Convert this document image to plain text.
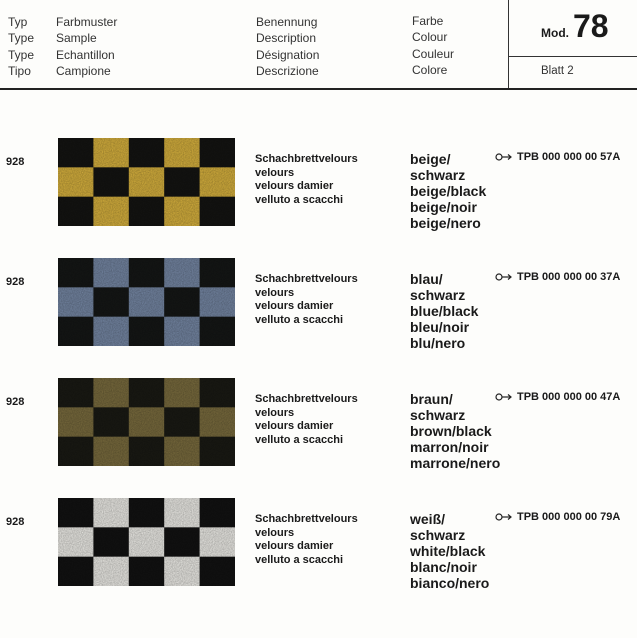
Typ
Type
Type
Tipo
Farbmuster
Sample
Echantillon
Campione
Benennung
Description
Désignation
Descrizione
Farbe
Colour
Couleur
Colore
Mod. 78
Blatt 2
928	Schachbrettvelours
velours
velours damier
velluto a scacchi
beige/
schwarz
beige/black
beige/noir
beige/nero
TPB 000 000 00 57A
928	Schachbrettvelours
velours
velours damier
velluto a scacchi
blau/
schwarz
blue/black
bleu/noir
blu/nero
TPB 000 000 00 37A
928	Schachbrettvelours
velours
velours damier
velluto a scacchi
braun/
schwarz
brown/black
marron/noir
marrone/nero
TPB 000 000 00 47A
928	Schachbrettvelours
velours
velours damier
velluto a scacchi
weiß/
schwarz
white/black
blanc/noir
bianco/nero
TPB 000 000 00 79A
